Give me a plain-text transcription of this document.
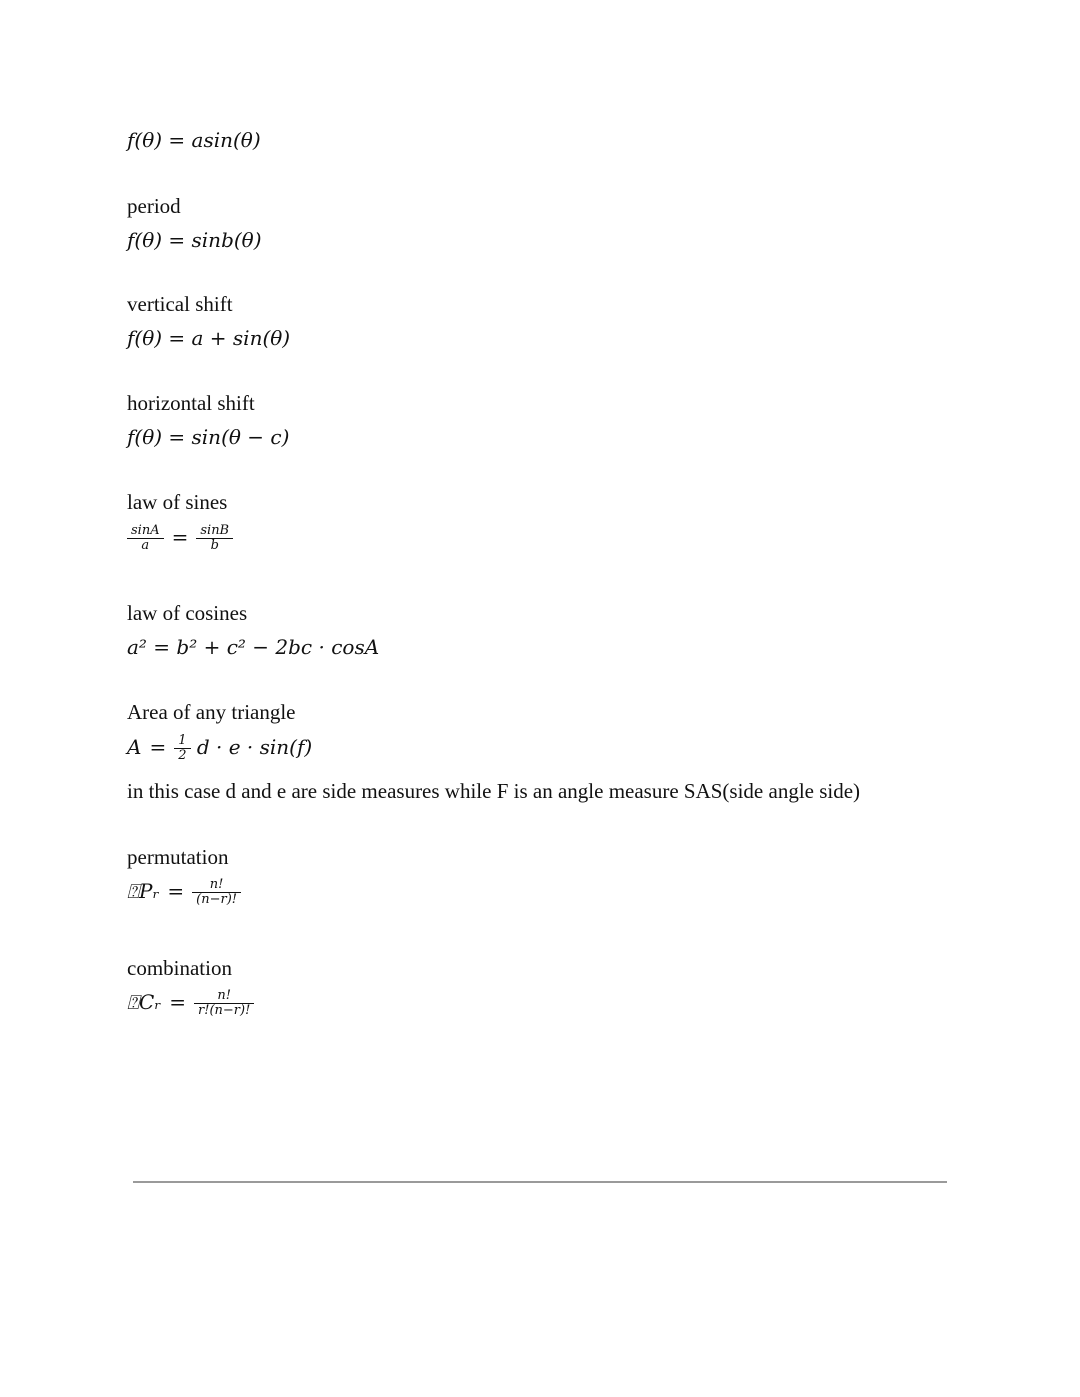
f(θ) = asin(θ)
period
f(θ) = sinb(θ)
vertical shift
f(θ) = a + sin(θ)
horizontal shift
f(θ) = sin(θ − c)
law of sines
$\frac{\sin A}{a} = \frac{\sin B}{b}$
law of cosines
a² = b² + c² − 2bc · cosA
Area of any triangle
$A = \frac{1}{2}$ d · e · sin(f)
in this case d and e are side measures while F is an angle measure SAS(side angle side)
permutation
⍰Pᵣ = $\frac{n!}{(n-r)!}$
combination
⍰Cᵣ = $\frac{n!}{r!(n-r)!}$
